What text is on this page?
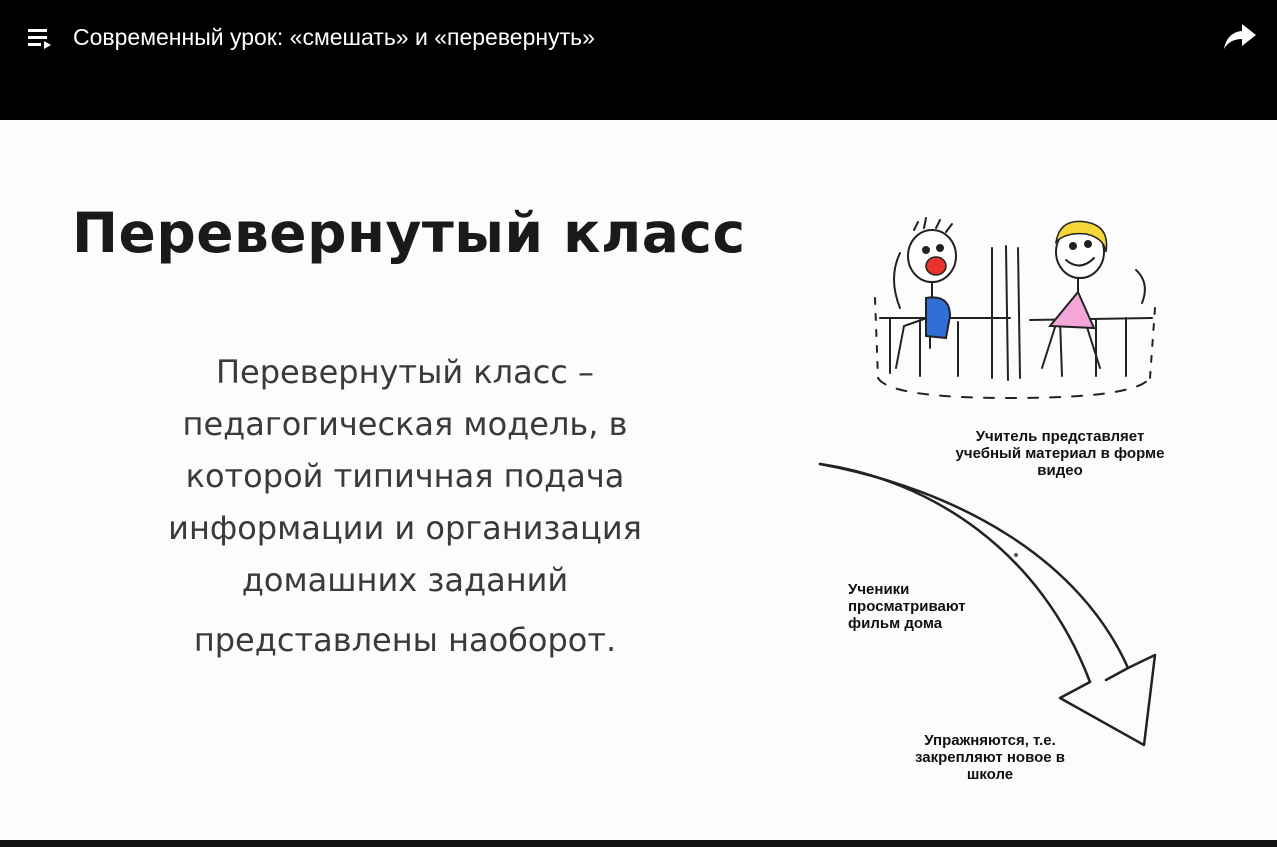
Современный урок: «смешать» и «перевернуть»
Перевернутый класс
Перевернутый класс –
педагогическая модель, в
которой типичная подача
информации и организация
домашних заданий
представлены наоборот.
Учитель представляет
учебный материал в форме
видео
Ученики
просматривают
фильм дома
Упражняются, т.е.
закрепляют новое в
школе
